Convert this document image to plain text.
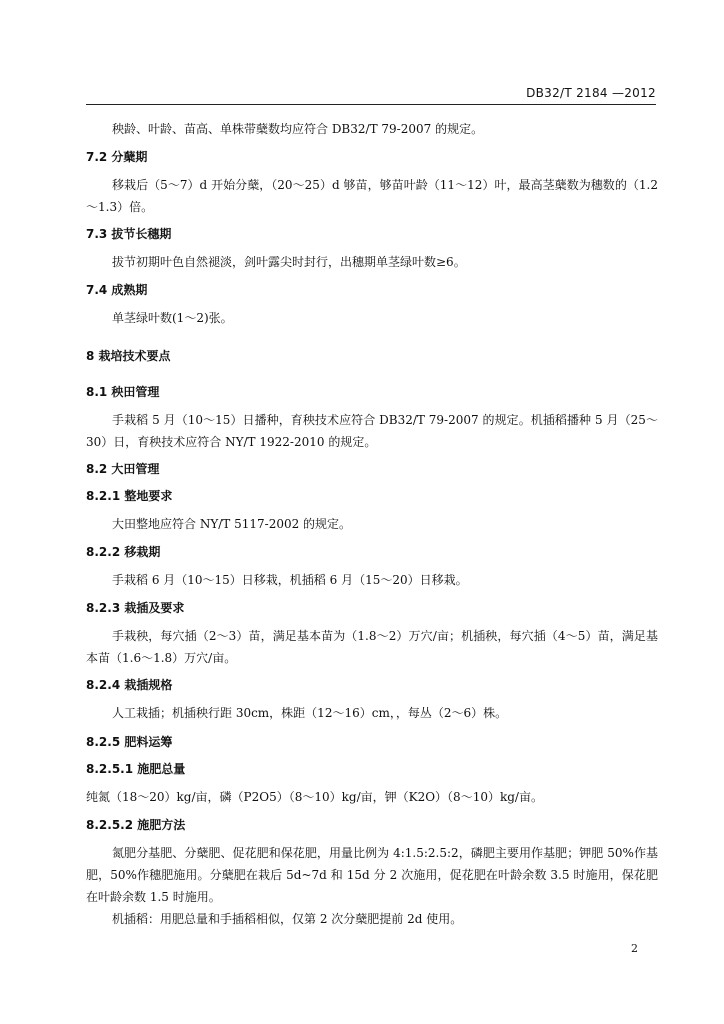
DB32/T 2184 —2012

秧龄、叶龄、苗高、单株带蘖数均应符合 DB32/T 79-2007 的规定。

7.2 分蘖期

移栽后（5～7）d 开始分蘖，（20～25）d 够苗，够苗叶龄（11～12）叶，最高茎蘖数为穗数的（1.2～1.3）倍。

7.3 拔节长穗期

拔节初期叶色自然褪淡，剑叶露尖时封行，出穗期单茎绿叶数≥6。

7.4 成熟期

单茎绿叶数(1～2)张。

8 栽培技术要点
8.1 秧田管理

手栽稻 5 月（10～15）日播种，育秧技术应符合 DB32/T 79-2007 的规定。机插稻播种 5 月（25～30）日，育秧技术应符合 NY/T 1922-2010 的规定。

8.2 大田管理
8.2.1 整地要求

大田整地应符合 NY/T 5117-2002 的规定。

8.2.2 移栽期

手栽稻 6 月（10～15）日移栽，机插稻 6 月（15～20）日移栽。

8.2.3 栽插及要求

手栽秧，每穴插（2～3）苗，满足基本苗为（1.8～2）万穴/亩；机插秧，每穴插（4～5）苗，满足基本苗（1.6～1.8）万穴/亩。

8.2.4 栽插规格

人工栽插；机插秧行距 30cm，株距（12～16）cm，，每丛（2～6）株。

8.2.5 肥料运筹
8.2.5.1 施肥总量

纯氮（18～20）kg/亩，磷（P2O5）（8～10）kg/亩，钾（K2O）（8～10）kg/亩。

8.2.5.2 施肥方法

氮肥分基肥、分蘖肥、促花肥和保花肥，用量比例为 4:1.5:2.5:2，磷肥主要用作基肥；钾肥 50%作基肥，50%作穗肥施用。分蘖肥在栽后 5d~7d 和 15d 分 2 次施用，促花肥在叶龄余数 3.5 时施用，保花肥在叶龄余数 1.5 时施用。

机插稻：用肥总量和手插稻相似，仅第 2 次分蘖肥提前 2d 使用。

2
